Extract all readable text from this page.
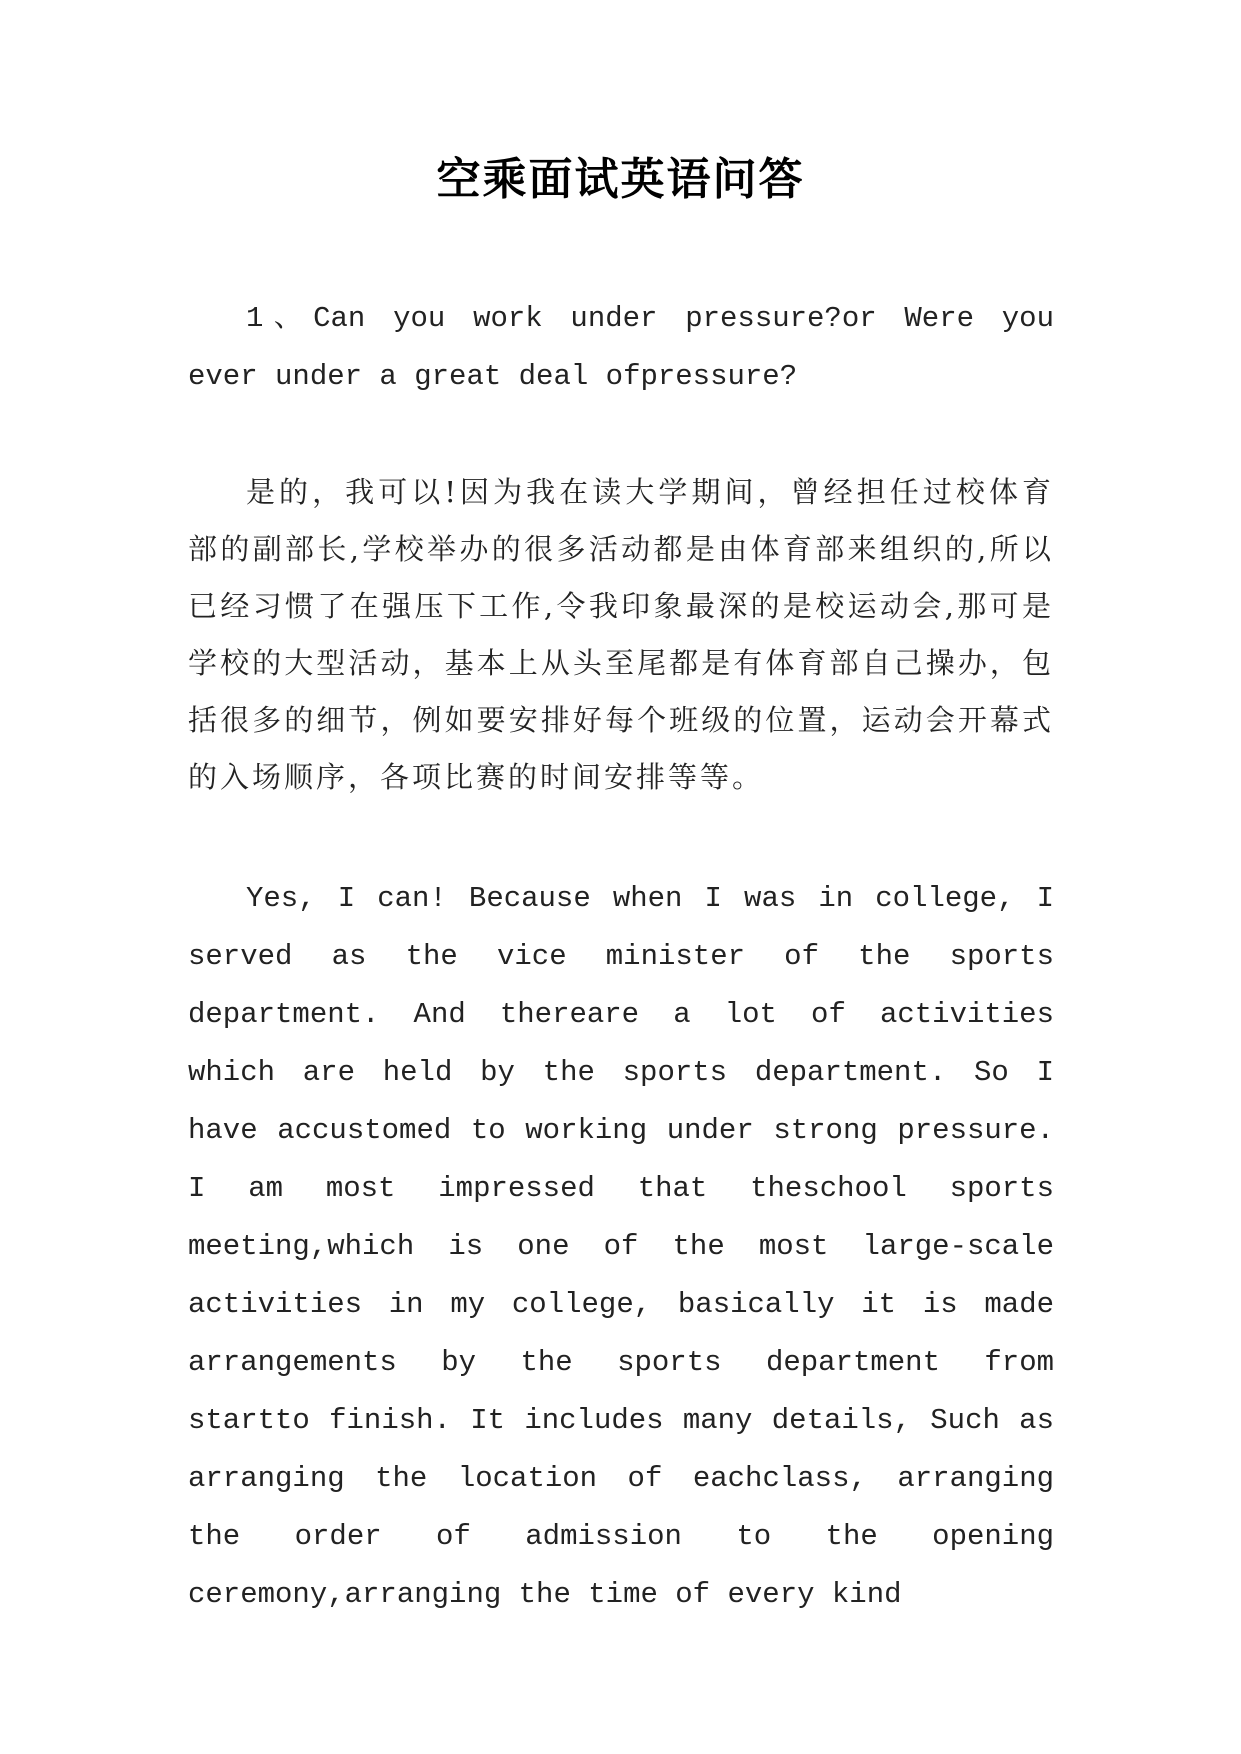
空乘面试英语问答

1、Can you work under pressure?or Were you ever under a great deal ofpressure?

是的，我可以!因为我在读大学期间，曾经担任过校体育部的副部长,学校举办的很多活动都是由体育部来组织的,所以已经习惯了在强压下工作,令我印象最深的是校运动会,那可是学校的大型活动，基本上从头至尾都是有体育部自己操办，包括很多的细节，例如要安排好每个班级的位置，运动会开幕式的入场顺序，各项比赛的时间安排等等。

Yes, I can! Because when I was in college, I served as the vice minister of the sports department. And thereare a lot of activities which are held by the sports department. So I have accustomed to working under strong pressure. I am most impressed that theschool sports meeting,which is one of the most large-scale activities in my college, basically it is made arrangements by the sports department from startto finish. It includes many details, Such as arranging the location of eachclass, arranging the order of admission to the opening ceremony,arranging the time of every kind
